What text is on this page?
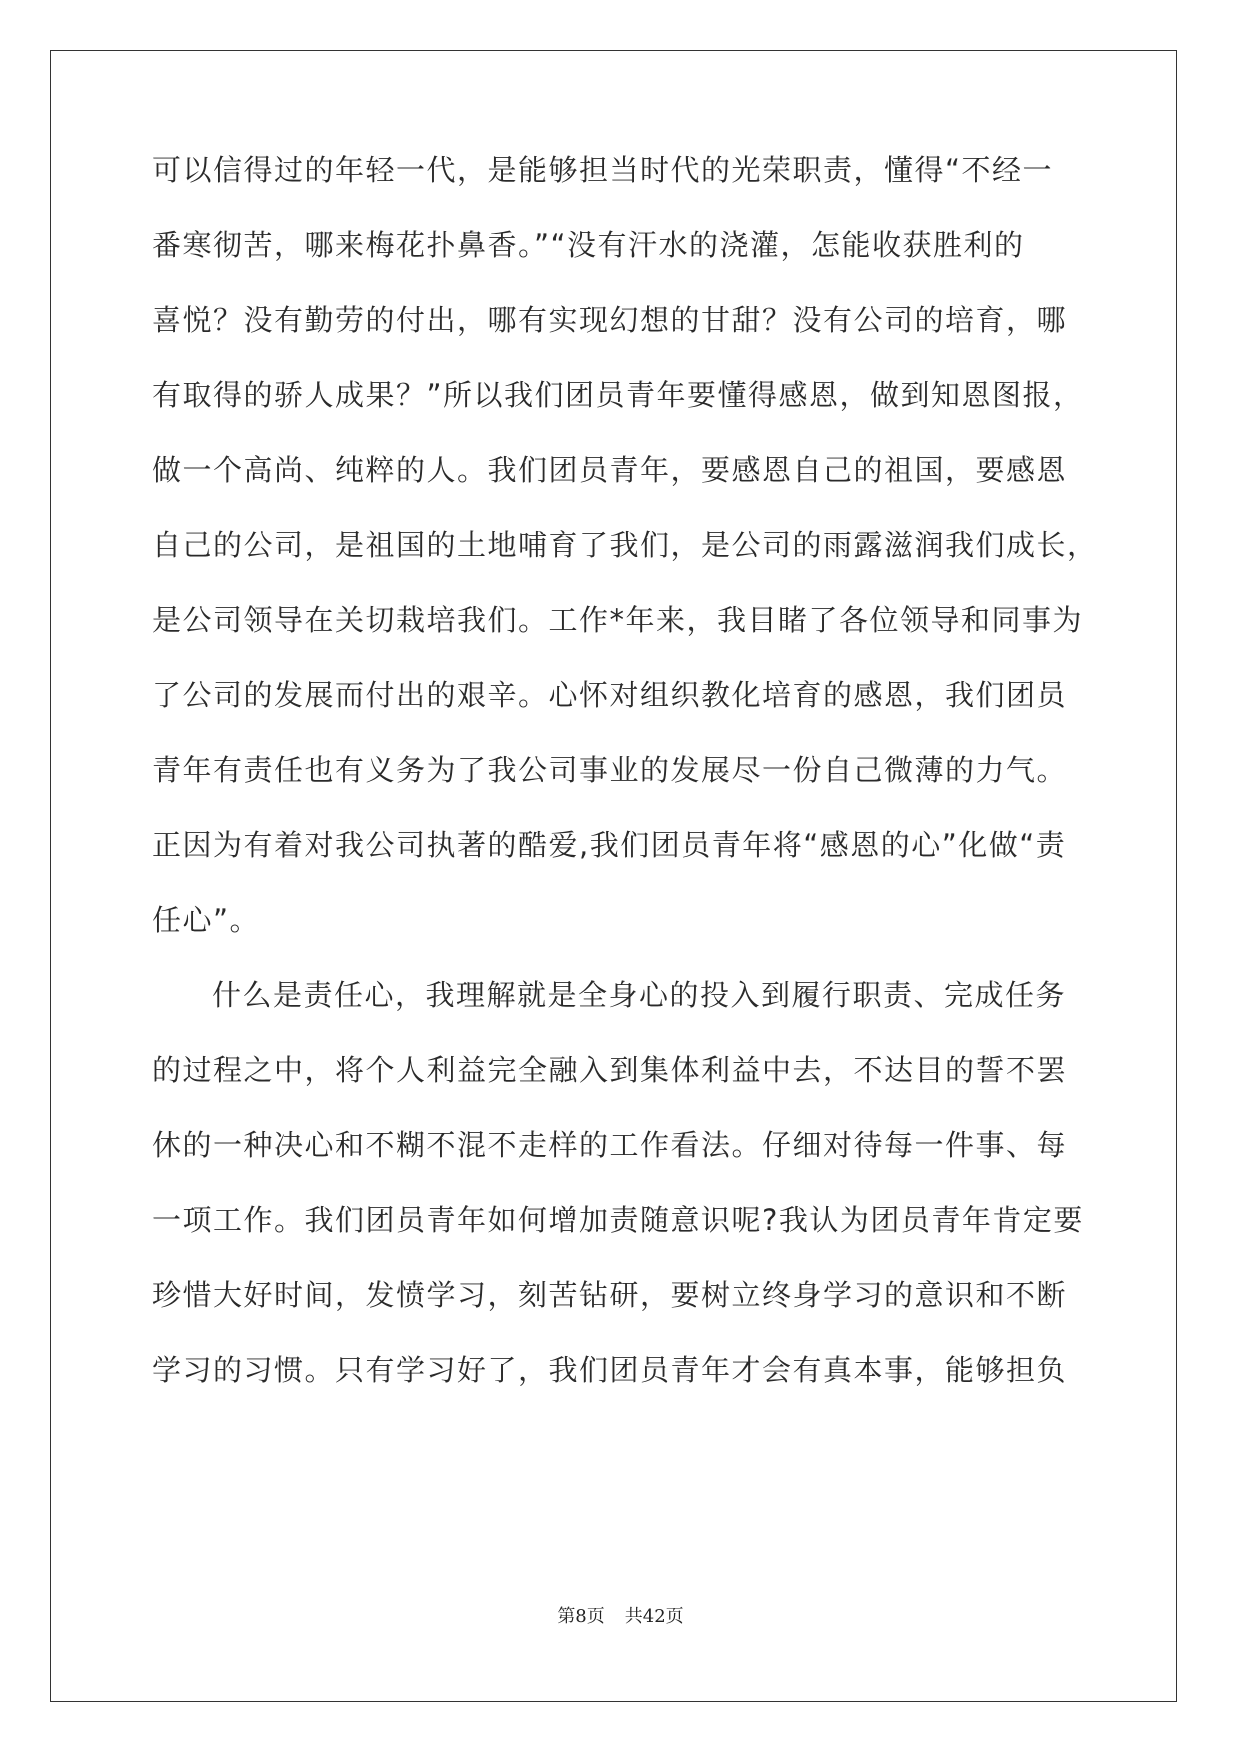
可以信得过的年轻一代，是能够担当时代的光荣职责，懂得“不经一
番寒彻苦，哪来梅花扑鼻香。”“没有汗水的浇灌，怎能收获胜利的
喜悦？没有勤劳的付出，哪有实现幻想的甘甜？没有公司的培育，哪
有取得的骄人成果？”所以我们团员青年要懂得感恩，做到知恩图报，
做一个高尚、纯粹的人。我们团员青年，要感恩自己的祖国，要感恩
自己的公司，是祖国的土地哺育了我们，是公司的雨露滋润我们成长，
是公司领导在关切栽培我们。工作*年来，我目睹了各位领导和同事为
了公司的发展而付出的艰辛。心怀对组织教化培育的感恩，我们团员
青年有责任也有义务为了我公司事业的发展尽一份自己微薄的力气。
正因为有着对我公司执著的酷爱,我们团员青年将“感恩的心”化做“责
任心”。
什么是责任心，我理解就是全身心的投入到履行职责、完成任务
的过程之中，将个人利益完全融入到集体利益中去，不达目的誓不罢
休的一种决心和不糊不混不走样的工作看法。仔细对待每一件事、每
一项工作。我们团员青年如何增加责随意识呢?我认为团员青年肯定要
珍惜大好时间，发愤学习，刻苦钻研，要树立终身学习的意识和不断
学习的习惯。只有学习好了，我们团员青年才会有真本事，能够担负
第8页 共42页
